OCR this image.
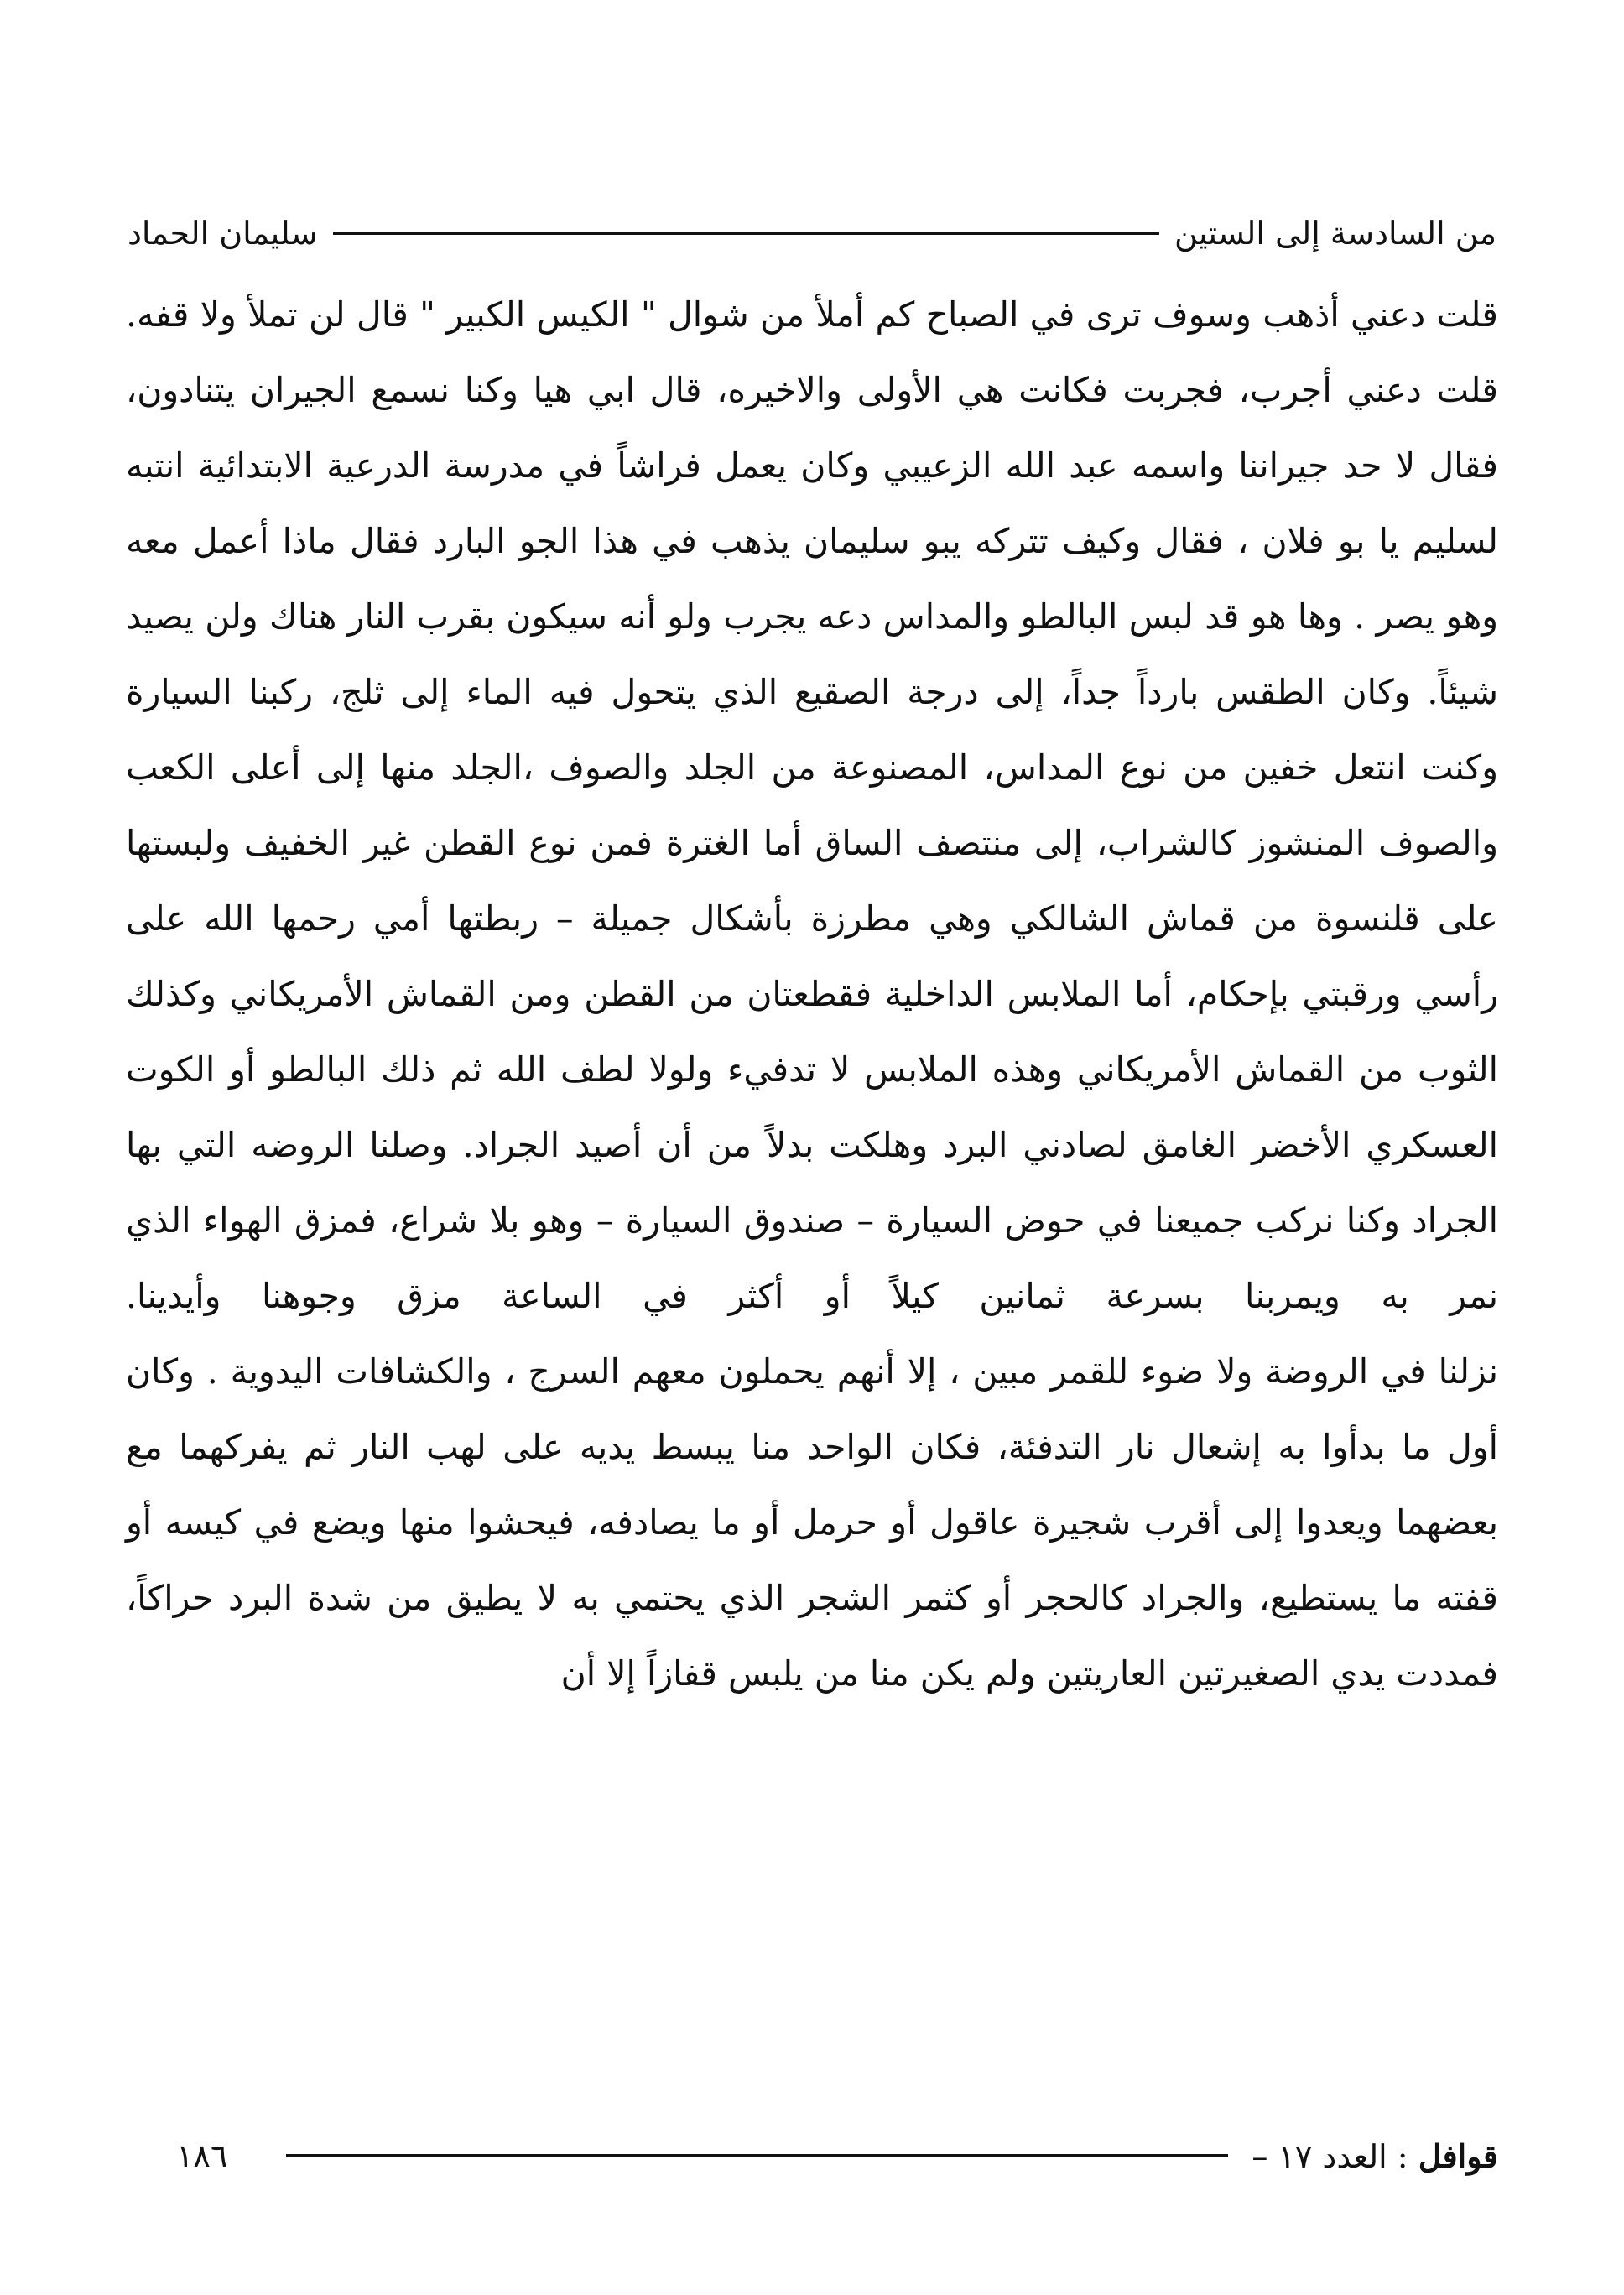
من السادسة إلى الستين
سليمان الحماد

قلت دعني أذهب وسوف ترى في الصباح كم أملأ من شوال " الكيس الكبير " قال لن تملأ ولا قفه. قلت دعني أجرب، فجربت فكانت هي الأولى والاخيره، قال ابي هيا وكنا نسمع الجيران يتنادون، فقال لا حد جيراننا واسمه عبد الله الزعيبي وكان يعمل فراشاً في مدرسة الدرعية الابتدائية انتبه لسليم يا بو فلان ، فقال وكيف تتركه يبو سليمان يذهب في هذا الجو البارد فقال ماذا أعمل معه وهو يصر . وها هو قد لبس البالطو والمداس دعه يجرب ولو أنه سيكون بقرب النار هناك ولن يصيد شيئاً. وكان الطقس بارداً جداً، إلى درجة الصقيع الذي يتحول فيه الماء إلى ثلج، ركبنا السيارة وكنت انتعل خفين من نوع المداس، المصنوعة من الجلد والصوف ،الجلد منها إلى أعلى الكعب والصوف المنشوز كالشراب، إلى منتصف الساق أما الغترة فمن نوع القطن غير الخفيف ولبستها على قلنسوة من قماش الشالكي وهي مطرزة بأشكال جميلة – ربطتها أمي رحمها الله على رأسي ورقبتي بإحكام، أما الملابس الداخلية فقطعتان من القطن ومن القماش الأمريكاني وكذلك الثوب من القماش الأمريكاني وهذه الملابس لا تدفيء ولولا لطف الله ثم ذلك البالطو أو الكوت العسكري الأخضر الغامق لصادني البرد وهلكت بدلاً من أن أصيد الجراد. وصلنا الروضه التي بها الجراد وكنا نركب جميعنا في حوض السيارة – صندوق السيارة – وهو بلا شراع، فمزق الهواء الذي نمر به ويمربنا بسرعة ثمانين كيلاً أو أكثر في الساعة مزق وجوهنا وأيدينا.

نزلنا في الروضة ولا ضوء للقمر مبين ، إلا أنهم يحملون معهم السرج ، والكشافات اليدوية . وكان أول ما بدأوا به إشعال نار التدفئة، فكان الواحد منا يبسط يديه على لهب النار ثم يفركهما مع بعضهما ويعدوا إلى أقرب شجيرة عاقول أو حرمل أو ما يصادفه، فيحشوا منها ويضع في كيسه أو قفته ما يستطيع، والجراد كالحجر أو كثمر الشجر الذي يحتمي به لا يطيق من شدة البرد حراكاً، فمددت يدي الصغيرتين العاريتين ولم يكن منا من يلبس قفازاً إلا أن

قوافل : العدد ١٧ –
١٨٦
